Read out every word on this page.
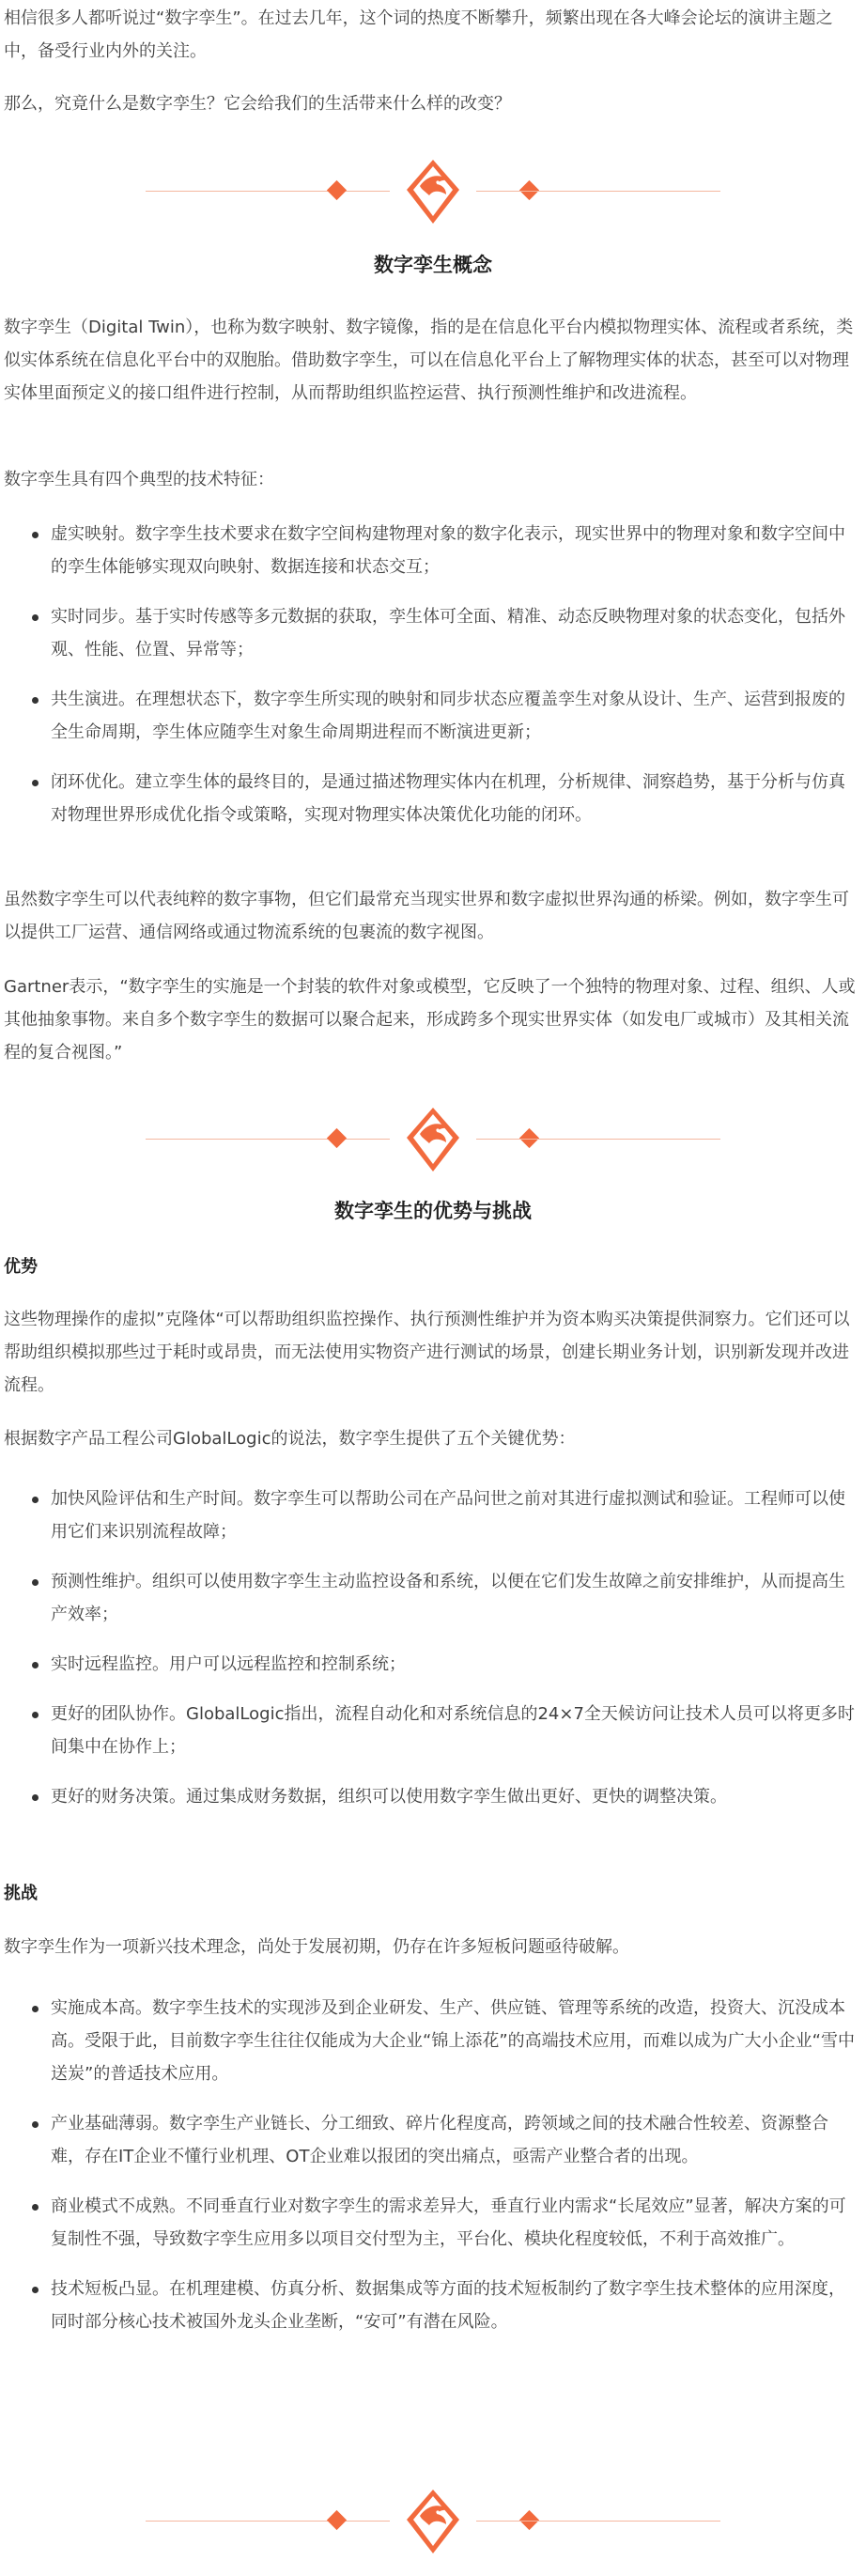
相信很多人都听说过“数字孪生”。在过去几年，这个词的热度不断攀升，频繁出现在各大峰会论坛的演讲主题之中，备受行业内外的关注。

那么，究竟什么是数字孪生？它会给我们的生活带来什么样的改变？

数字孪生概念

数字孪生（Digital Twin），也称为数字映射、数字镜像，指的是在信息化平台内模拟物理实体、流程或者系统，类似实体系统在信息化平台中的双胞胎。借助数字孪生，可以在信息化平台上了解物理实体的状态，甚至可以对物理实体里面预定义的接口组件进行控制，从而帮助组织监控运营、执行预测性维护和改进流程。

数字孪生具有四个典型的技术特征：

虚实映射。数字孪生技术要求在数字空间构建物理对象的数字化表示，现实世界中的物理对象和数字空间中的孪生体能够实现双向映射、数据连接和状态交互；
实时同步。基于实时传感等多元数据的获取，孪生体可全面、精准、动态反映物理对象的状态变化，包括外观、性能、位置、异常等；
共生演进。在理想状态下，数字孪生所实现的映射和同步状态应覆盖孪生对象从设计、生产、运营到报废的全生命周期，孪生体应随孪生对象生命周期进程而不断演进更新；
闭环优化。建立孪生体的最终目的，是通过描述物理实体内在机理，分析规律、洞察趋势，基于分析与仿真对物理世界形成优化指令或策略，实现对物理实体决策优化功能的闭环。

虽然数字孪生可以代表纯粹的数字事物，但它们最常充当现实世界和数字虚拟世界沟通的桥梁。例如，数字孪生可以提供工厂运营、通信网络或通过物流系统的包裹流的数字视图。

Gartner表示，“数字孪生的实施是一个封装的软件对象或模型，它反映了一个独特的物理对象、过程、组织、人或其他抽象事物。来自多个数字孪生的数据可以聚合起来，形成跨多个现实世界实体（如发电厂或城市）及其相关流程的复合视图。”

数字孪生的优势与挑战
优势

这些物理操作的虚拟”克隆体“可以帮助组织监控操作、执行预测性维护并为资本购买决策提供洞察力。它们还可以帮助组织模拟那些过于耗时或昂贵，而无法使用实物资产进行测试的场景，创建长期业务计划，识别新发现并改进流程。

根据数字产品工程公司GlobalLogic的说法，数字孪生提供了五个关键优势：

加快风险评估和生产时间。数字孪生可以帮助公司在产品问世之前对其进行虚拟测试和验证。工程师可以使用它们来识别流程故障；
预测性维护。组织可以使用数字孪生主动监控设备和系统，以便在它们发生故障之前安排维护，从而提高生产效率；
实时远程监控。用户可以远程监控和控制系统；
更好的团队协作。GlobalLogic指出，流程自动化和对系统信息的24×7全天候访问让技术人员可以将更多时间集中在协作上；
更好的财务决策。通过集成财务数据，组织可以使用数字孪生做出更好、更快的调整决策。
挑战

数字孪生作为一项新兴技术理念，尚处于发展初期，仍存在许多短板问题亟待破解。

实施成本高。数字孪生技术的实现涉及到企业研发、生产、供应链、管理等系统的改造，投资大、沉没成本高。受限于此，目前数字孪生往往仅能成为大企业“锦上添花”的高端技术应用，而难以成为广大小企业“雪中送炭”的普适技术应用。
产业基础薄弱。数字孪生产业链长、分工细致、碎片化程度高，跨领域之间的技术融合性较差、资源整合难，存在IT企业不懂行业机理、OT企业难以报团的突出痛点，亟需产业整合者的出现。
商业模式不成熟。不同垂直行业对数字孪生的需求差异大，垂直行业内需求“长尾效应”显著，解决方案的可复制性不强，导致数字孪生应用多以项目交付型为主，平台化、模块化程度较低，不利于高效推广。
技术短板凸显。在机理建模、仿真分析、数据集成等方面的技术短板制约了数字孪生技术整体的应用深度，同时部分核心技术被国外龙头企业垄断，“安可”有潜在风险。
